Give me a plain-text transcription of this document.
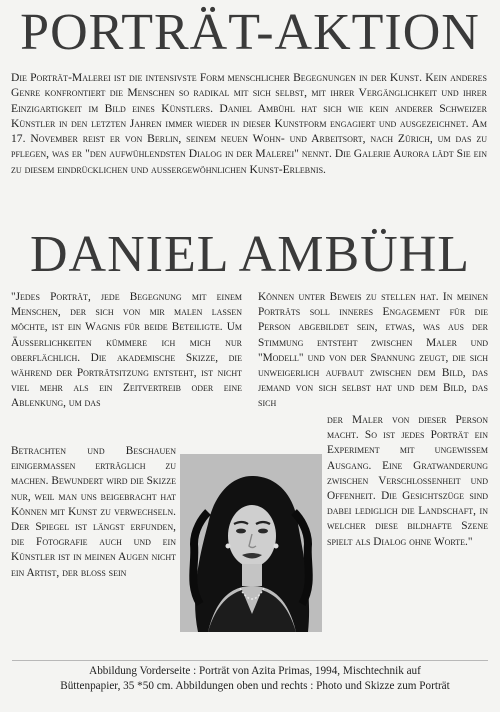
PORTRÄT-AKTION

Die Porträt-Malerei ist die intensivste Form menschlicher Begegnungen in der Kunst. Kein anderes Genre konfrontiert die Menschen so radikal mit sich selbst, mit ihrer Vergänglichkeit und ihrer Einzigartigkeit im Bild eines Künstlers. Daniel Ambühl hat sich wie kein anderer Schweizer Künstler in den letzten Jahren immer wieder in dieser Kunstform engagiert und ausgezeichnet. Am 17. November reist er von Berlin, seinem neuen Wohn- und Arbeitsort, nach Zürich, um das zu pflegen, was er "den aufwühlendsten Dialog in der Malerei" nennt. Die Galerie Aurora lädt Sie ein zu diesem eindrücklichen und aussergewöhnlichen Kunst-Erlebnis.

DANIEL AMBÜHL

"Jedes Porträt, jede Begegnung mit einem Menschen, der sich von mir malen lassen möchte, ist ein Wagnis für beide Beteiligte. Um Äusserlichkeiten kümmere ich mich nur oberflächlich. Die akademische Skizze, die während der Porträtsitzung entsteht, ist nicht viel mehr als ein Zeitvertreib oder eine Ablenkung, um das

Betrachten und Beschauen einigermassen erträglich zu machen. Bewundert wird die Skizze nur, weil man uns beigebracht hat Können mit Kunst zu verwechseln. Der Spiegel ist längst erfunden, die Fotografie auch und ein Künstler ist in meinen Augen nicht ein Artist, der bloss sein

Können unter Beweis zu stellen hat. In meinen Porträts soll inneres Engagement für die Person abgebildet sein, etwas, was aus der Stimmung entsteht zwischen Maler und "Modell" und von der Spannung zeugt, die sich unweigerlich aufbaut zwischen dem Bild, das jemand von sich selbst hat und dem Bild, das sich

der Maler von dieser Person macht. So ist jedes Porträt ein Experiment mit ungewissem Ausgang. Eine Gratwanderung zwischen Verschlossenheit und Offenheit. Die Gesichtszüge sind dabei lediglich die Landschaft, in welcher diese bildhafte Szene spielt als Dialog ohne Worte."

Abbildung Vorderseite : Porträt von Azita Primas, 1994, Mischtechnik auf
Büttenpapier, 35 *50 cm. Abbildungen oben und rechts : Photo und Skizze zum Porträt
